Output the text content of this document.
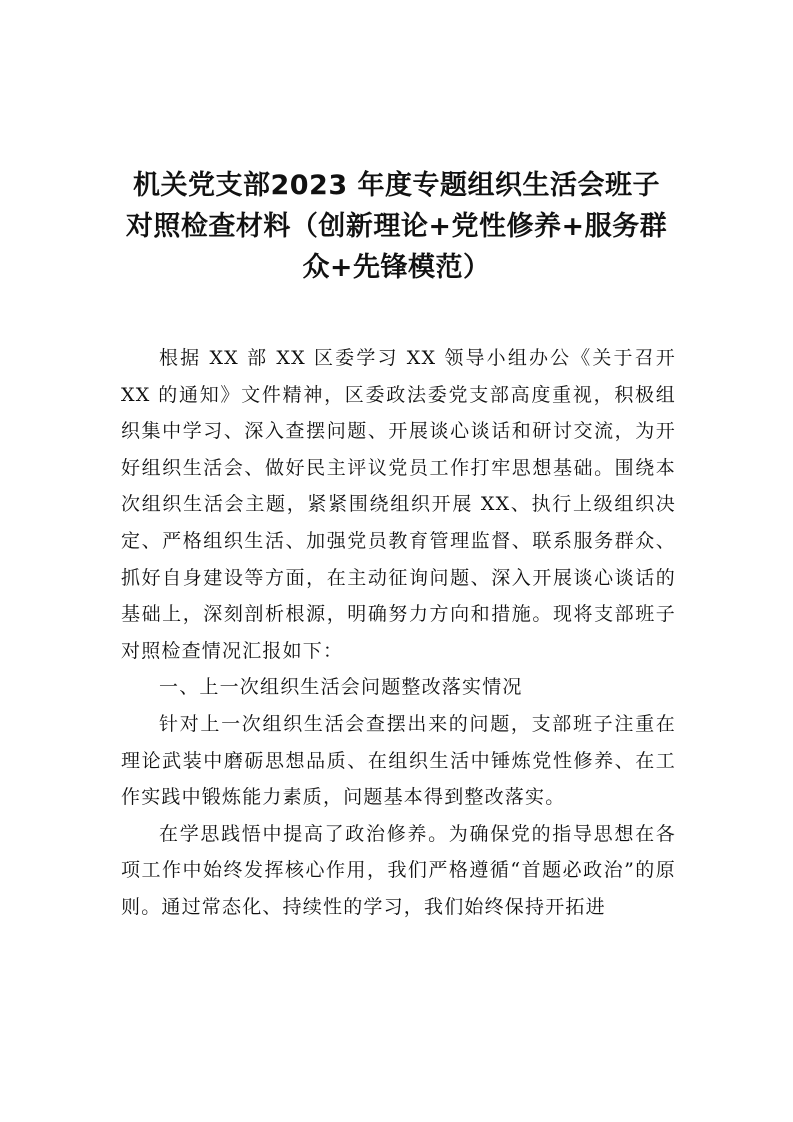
机关党支部2023 年度专题组织生活会班子
对照检查材料（创新理论+党性修养+服务群
众+先锋模范）

根据 XX 部 XX 区委学习 XX 领导小组办公《关于召开 XX 的通知》文件精神，区委政法委党支部高度重视，积极组织集中学习、深入查摆问题、开展谈心谈话和研讨交流，为开好组织生活会、做好民主评议党员工作打牢思想基础。围绕本次组织生活会主题，紧紧围绕组织开展 XX、执行上级组织决定、严格组织生活、加强党员教育管理监督、联系服务群众、抓好自身建设等方面，在主动征询问题、深入开展谈心谈话的基础上，深刻剖析根源，明确努力方向和措施。现将支部班子对照检查情况汇报如下：

一、上一次组织生活会问题整改落实情况

针对上一次组织生活会查摆出来的问题，支部班子注重在理论武装中磨砺思想品质、在组织生活中锤炼党性修养、在工作实践中锻炼能力素质，问题基本得到整改落实。

在学思践悟中提高了政治修养。为确保党的指导思想在各项工作中始终发挥核心作用，我们严格遵循“首题必政治”的原则。通过常态化、持续性的学习，我们始终保持开拓进
